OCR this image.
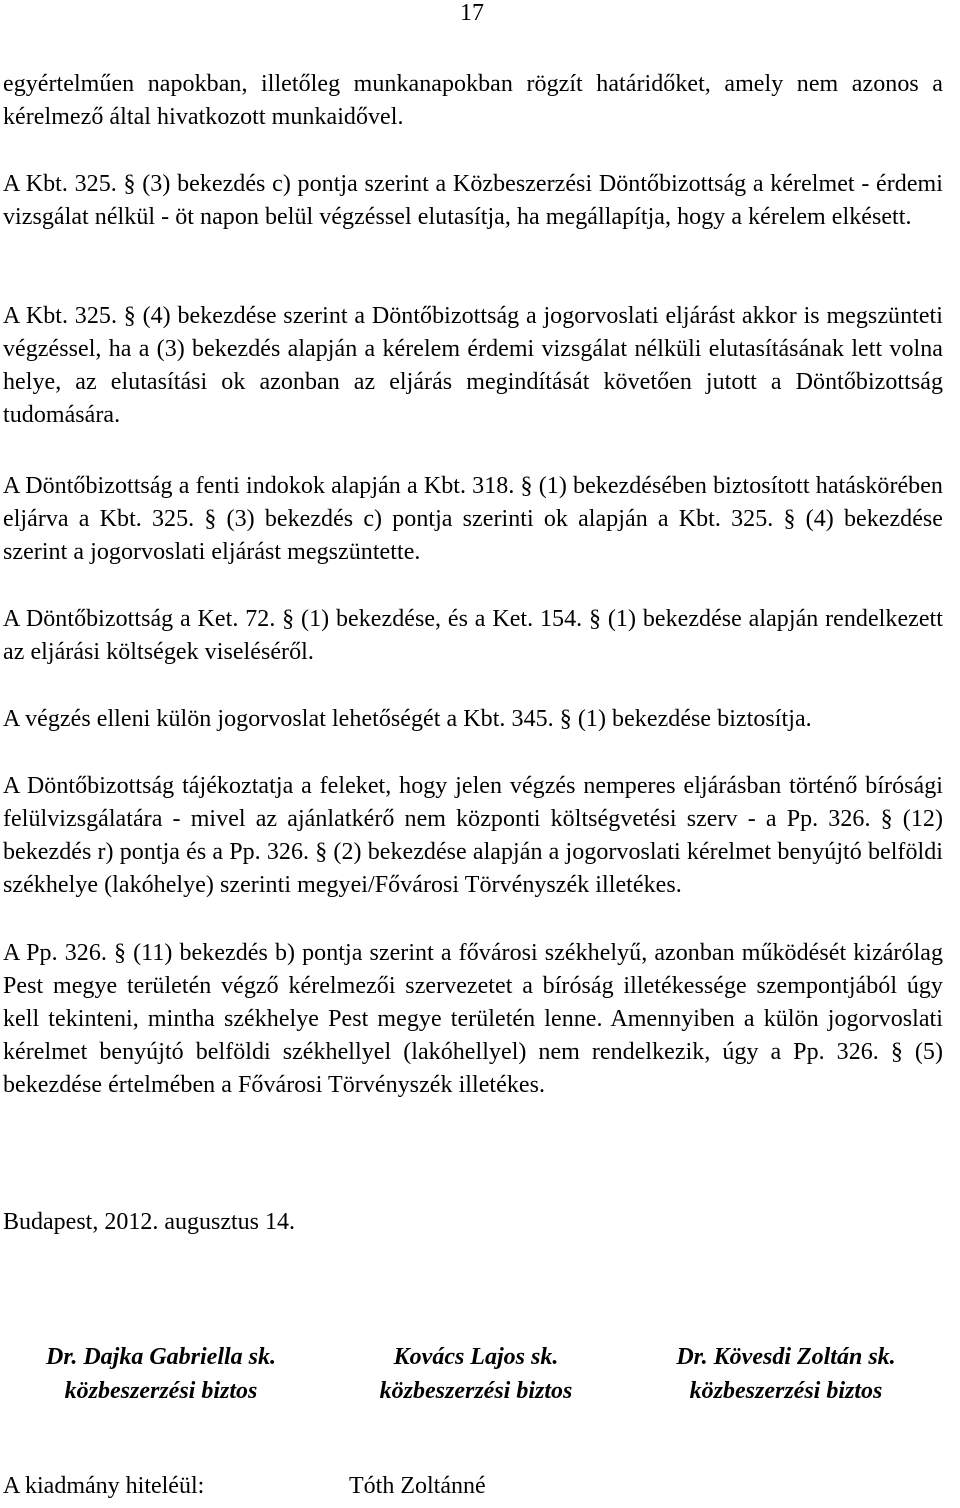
17

egyértelműen napokban, illetőleg munkanapokban rögzít határidőket, amely nem azonos a kérelmező által hivatkozott munkaidővel.

A Kbt. 325. § (3) bekezdés c) pontja szerint a Közbeszerzési Döntőbizottság a kérelmet - érdemi vizsgálat nélkül - öt napon belül végzéssel elutasítja, ha megállapítja, hogy a kérelem elkésett.

A Kbt. 325. § (4) bekezdése szerint a Döntőbizottság a jogorvoslati eljárást akkor is megszünteti végzéssel, ha a (3) bekezdés alapján a kérelem érdemi vizsgálat nélküli elutasításának lett volna helye, az elutasítási ok azonban az eljárás megindítását követően jutott a Döntőbizottság tudomására.

A Döntőbizottság a fenti indokok alapján a Kbt. 318. § (1) bekezdésében biztosított hatáskörében eljárva a Kbt. 325. § (3) bekezdés c) pontja szerinti ok alapján a Kbt. 325. § (4) bekezdése szerint a jogorvoslati eljárást megszüntette.

A Döntőbizottság a Ket. 72. § (1) bekezdése, és a Ket. 154. § (1) bekezdése alapján rendelkezett az eljárási költségek viseléséről.

A végzés elleni külön jogorvoslat lehetőségét a Kbt. 345. § (1) bekezdése biztosítja.

A Döntőbizottság tájékoztatja a feleket, hogy jelen végzés nemperes eljárásban történő bírósági felülvizsgálatára - mivel az ajánlatkérő nem központi költségvetési szerv - a Pp. 326. § (12) bekezdés r) pontja és a Pp. 326. § (2) bekezdése alapján a jogorvoslati kérelmet benyújtó belföldi székhelye (lakóhelye) szerinti megyei/Fővárosi Törvényszék illetékes.

A Pp. 326. § (11) bekezdés b) pontja szerint a fővárosi székhelyű, azonban működését kizárólag Pest megye területén végző kérelmezői szervezetet a bíróság illetékessége szempontjából úgy kell tekinteni, mintha székhelye Pest megye területén lenne. Amennyiben a külön jogorvoslati kérelmet benyújtó belföldi székhellyel (lakóhellyel) nem rendelkezik, úgy a Pp. 326. § (5) bekezdése értelmében a Fővárosi Törvényszék illetékes.

Budapest, 2012. augusztus 14.
Dr. Dajka Gabriella sk.
közbeszerzési biztos
Kovács Lajos sk.
közbeszerzési biztos
Dr. Kövesdi Zoltán sk.
közbeszerzési biztos
A kiadmány hiteléül:	Tóth Zoltánné
